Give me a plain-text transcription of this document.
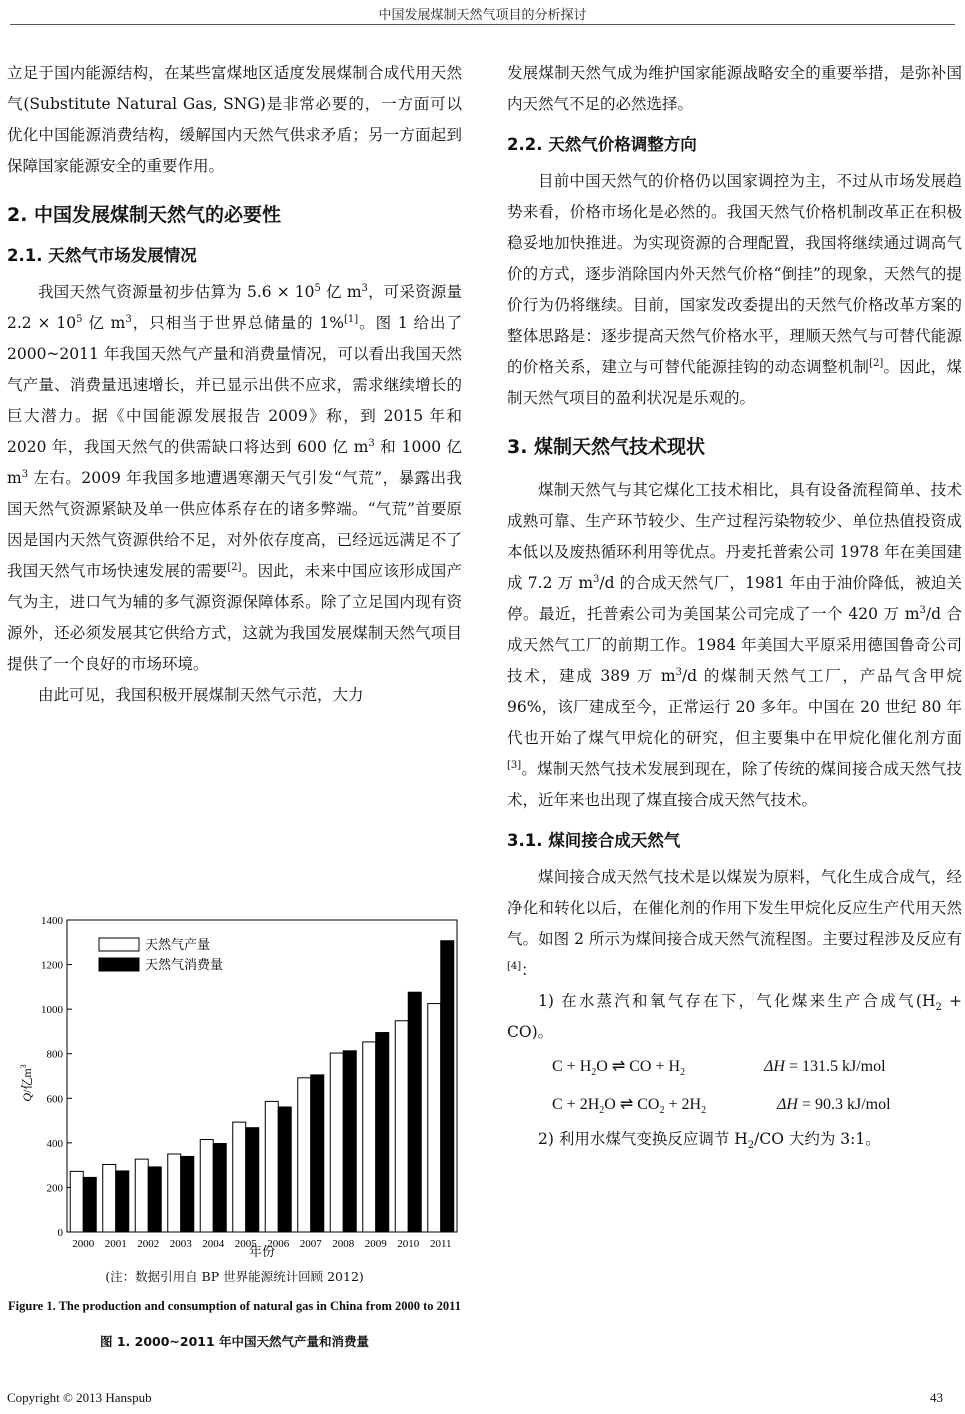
中国发展煤制天然气项目的分析探讨

立足于国内能源结构，在某些富煤地区适度发展煤制合成代用天然气(Substitute Natural Gas, SNG)是非常必要的，一方面可以优化中国能源消费结构，缓解国内天然气供求矛盾；另一方面起到保障国家能源安全的重要作用。

2. 中国发展煤制天然气的必要性
2.1. 天然气市场发展情况

我国天然气资源量初步估算为 $5.6 \times 10^5$ 亿 $m^3$，可采资源量 $2.2 \times 10^5$ 亿 $m^3$，只相当于世界总储量的 1%[1]。图 1 给出了 2000~2011 年我国天然气产量和消费量情况，可以看出我国天然气产量、消费量迅速增长，并已显示出供不应求，需求继续增长的巨大潜力。据《中国能源发展报告 2009》称，到 2015 年和 2020 年，我国天然气的供需缺口将达到 600 亿 $m^3$ 和 1000 亿 $m^3$ 左右。2009 年我国多地遭遇寒潮天气引发“气荒”，暴露出我国天然气资源紧缺及单一供应体系存在的诸多弊端。“气荒”首要原因是国内天然气资源供给不足，对外依存度高，已经远远满足不了我国天然气市场快速发展的需要[2]。因此，未来中国应该形成国产气为主，进口气为辅的多气源资源保障体系。除了立足国内现有资源外，还必须发展其它供给方式，这就为我国发展煤制天然气项目提供了一个良好的市场环境。

由此可见，我国积极开展煤制天然气示范，大力

0
200
400
600
800
1000
1200
1400
2000 2001 2002 2003 2004 2005 2006 2007 2008 2009 2010 2011
天然气产量
天然气消费量
年份
Q/亿$m^3$
(注：数据引用自 BP 世界能源统计回顾 2012)
Figure 1. The production and consumption of natural gas in China from 2000 to 2011
图 1. 2000~2011 年中国天然气产量和消费量

发展煤制天然气成为维护国家能源战略安全的重要举措，是弥补国内天然气不足的必然选择。

2.2. 天然气价格调整方向

目前中国天然气的价格仍以国家调控为主，不过从市场发展趋势来看，价格市场化是必然的。我国天然气价格机制改革正在积极稳妥地加快推进。为实现资源的合理配置，我国将继续通过调高气价的方式，逐步消除国内外天然气价格“倒挂”的现象，天然气的提价行为仍将继续。目前，国家发改委提出的天然气价格改革方案的整体思路是：逐步提高天然气价格水平，理顺天然气与可替代能源的价格关系，建立与可替代能源挂钩的动态调整机制[2]。因此，煤制天然气项目的盈利状况是乐观的。

3. 煤制天然气技术现状

煤制天然气与其它煤化工技术相比，具有设备流程简单、技术成熟可靠、生产环节较少、生产过程污染物较少、单位热值投资成本低以及废热循环利用等优点。丹麦托普索公司 1978 年在美国建成 7.2 万 $m^3/d$ 的合成天然气厂，1981 年由于油价降低，被迫关停。最近，托普索公司为美国某公司完成了一个 420 万 $m^3/d$ 合成天然气工厂的前期工作。1984 年美国大平原采用德国鲁奇公司技术，建成 389 万 $m^3/d$ 的煤制天然气工厂，产品气含甲烷 96%，该厂建成至今，正常运行 20 多年。中国在 20 世纪 80 年代也开始了煤气甲烷化的研究，但主要集中在甲烷化催化剂方面[3]。煤制天然气技术发展到现在，除了传统的煤间接合成天然气技术，近年来也出现了煤直接合成天然气技术。

3.1. 煤间接合成天然气

煤间接合成天然气技术是以煤炭为原料，气化生成合成气，经净化和转化以后，在催化剂的作用下发生甲烷化反应生产代用天然气。如图 2 所示为煤间接合成天然气流程图。主要过程涉及反应有[4]：

1) 在水蒸汽和氧气存在下，气化煤来生产合成气$(H_2 + CO)$。

$C + H_2O$ ⇌ CO + $H_2$	ΔH = 131.5 kJ/mol
$C + 2H_2O$ ⇌ $CO_2 + 2H_2$	ΔH = 90.3 kJ/mol

2) 利用水煤气变换反应调节 $H_2/CO$ 大约为 3:1。

Copyright © 2013 Hanspub	43
